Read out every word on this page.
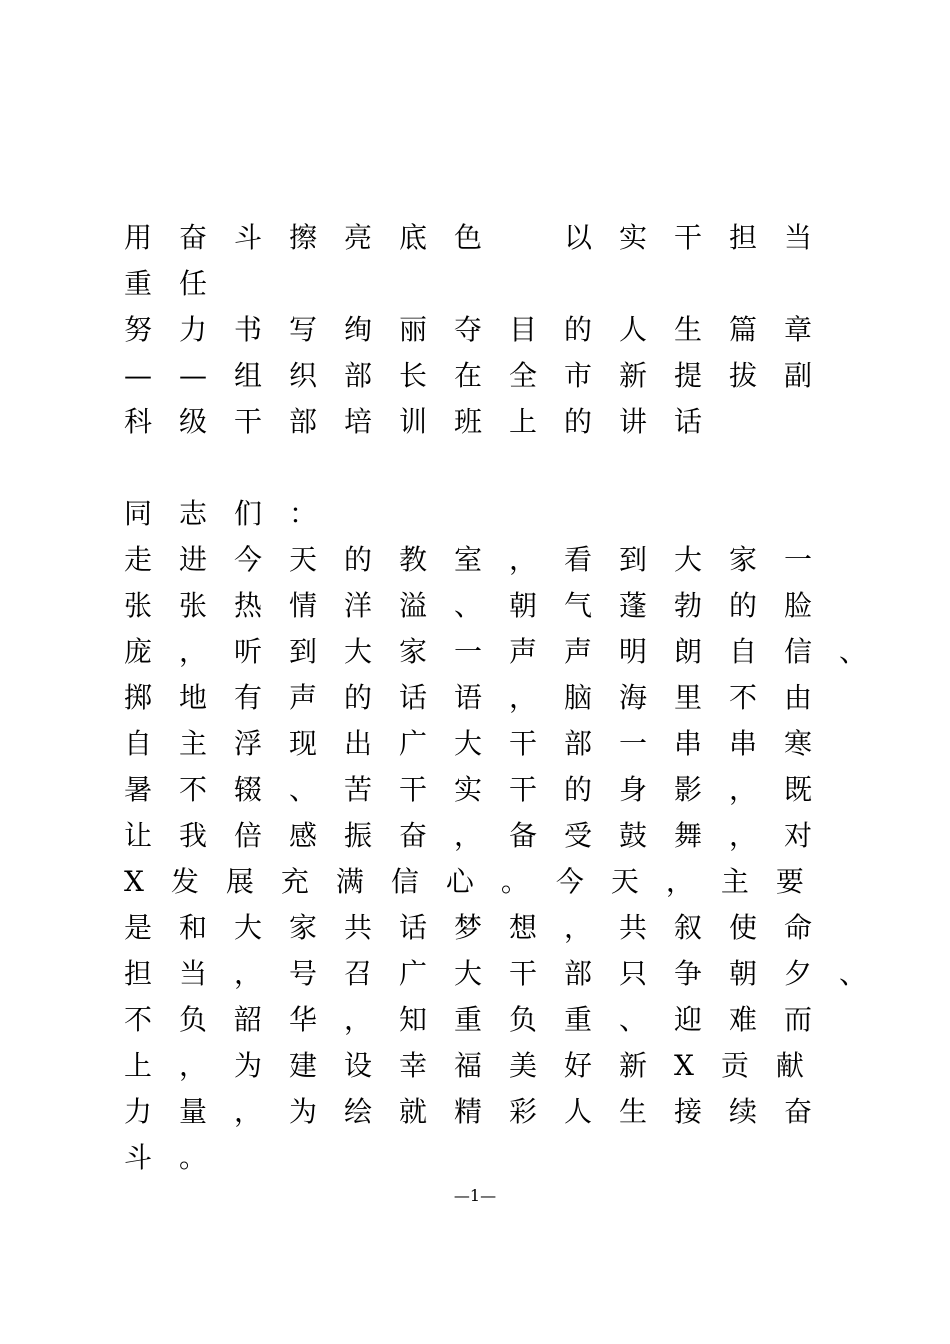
用奋斗擦亮底色　以实干担当
重任
努力书写绚丽夺目的人生篇章
——组织部长在全市新提拔副
科级干部培训班上的讲话
同志们：
走进今天的教室，看到大家一
张张热情洋溢、朝气蓬勃的脸
庞，听到大家一声声明朗自信、
掷地有声的话语，脑海里不由
自主浮现出广大干部一串串寒
暑不辍、苦干实干的身影，既
让我倍感振奋，备受鼓舞，对
X发展充满信心。今天，主要
是和大家共话梦想，共叙使命
担当，号召广大干部只争朝夕、
不负韶华，知重负重、迎难而
上，为建设幸福美好新X贡献
力量，为绘就精彩人生接续奋
斗。
—1—
